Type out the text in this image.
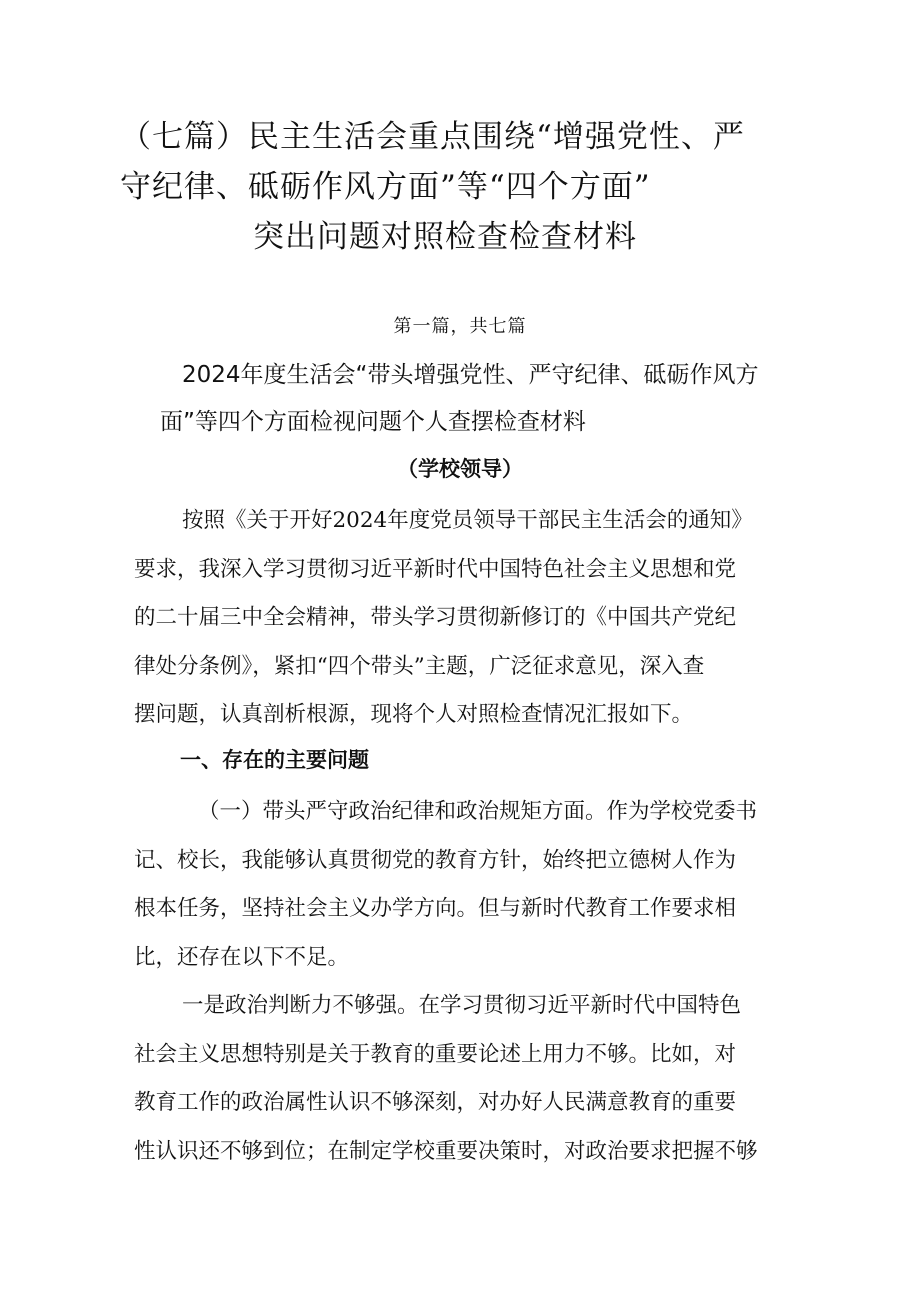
（七篇）民主生活会重点围绕“增强党性、严
守纪律、砥砺作风方面”等“四个方面”
突出问题对照检查检查材料
第一篇，共七篇
2024年度生活会“带头增强党性、严守纪律、砥砺作风方
面”等四个方面检视问题个人查摆检查材料
（学校领导）
按照《关于开好2024年度党员领导干部民主生活会的通知》
要求，我深入学习贯彻习近平新时代中国特色社会主义思想和党
的二十届三中全会精神，带头学习贯彻新修订的《中国共产党纪
律处分条例》，紧扣“四个带头”主题，广泛征求意见，深入查
摆问题，认真剖析根源，现将个人对照检查情况汇报如下。
一、存在的主要问题
（一）带头严守政治纪律和政治规矩方面。作为学校党委书
记、校长，我能够认真贯彻党的教育方针，始终把立德树人作为
根本任务，坚持社会主义办学方向。但与新时代教育工作要求相
比，还存在以下不足。
一是政治判断力不够强。在学习贯彻习近平新时代中国特色
社会主义思想特别是关于教育的重要论述上用力不够。比如，对
教育工作的政治属性认识不够深刻，对办好人民满意教育的重要
性认识还不够到位；在制定学校重要决策时，对政治要求把握不够
